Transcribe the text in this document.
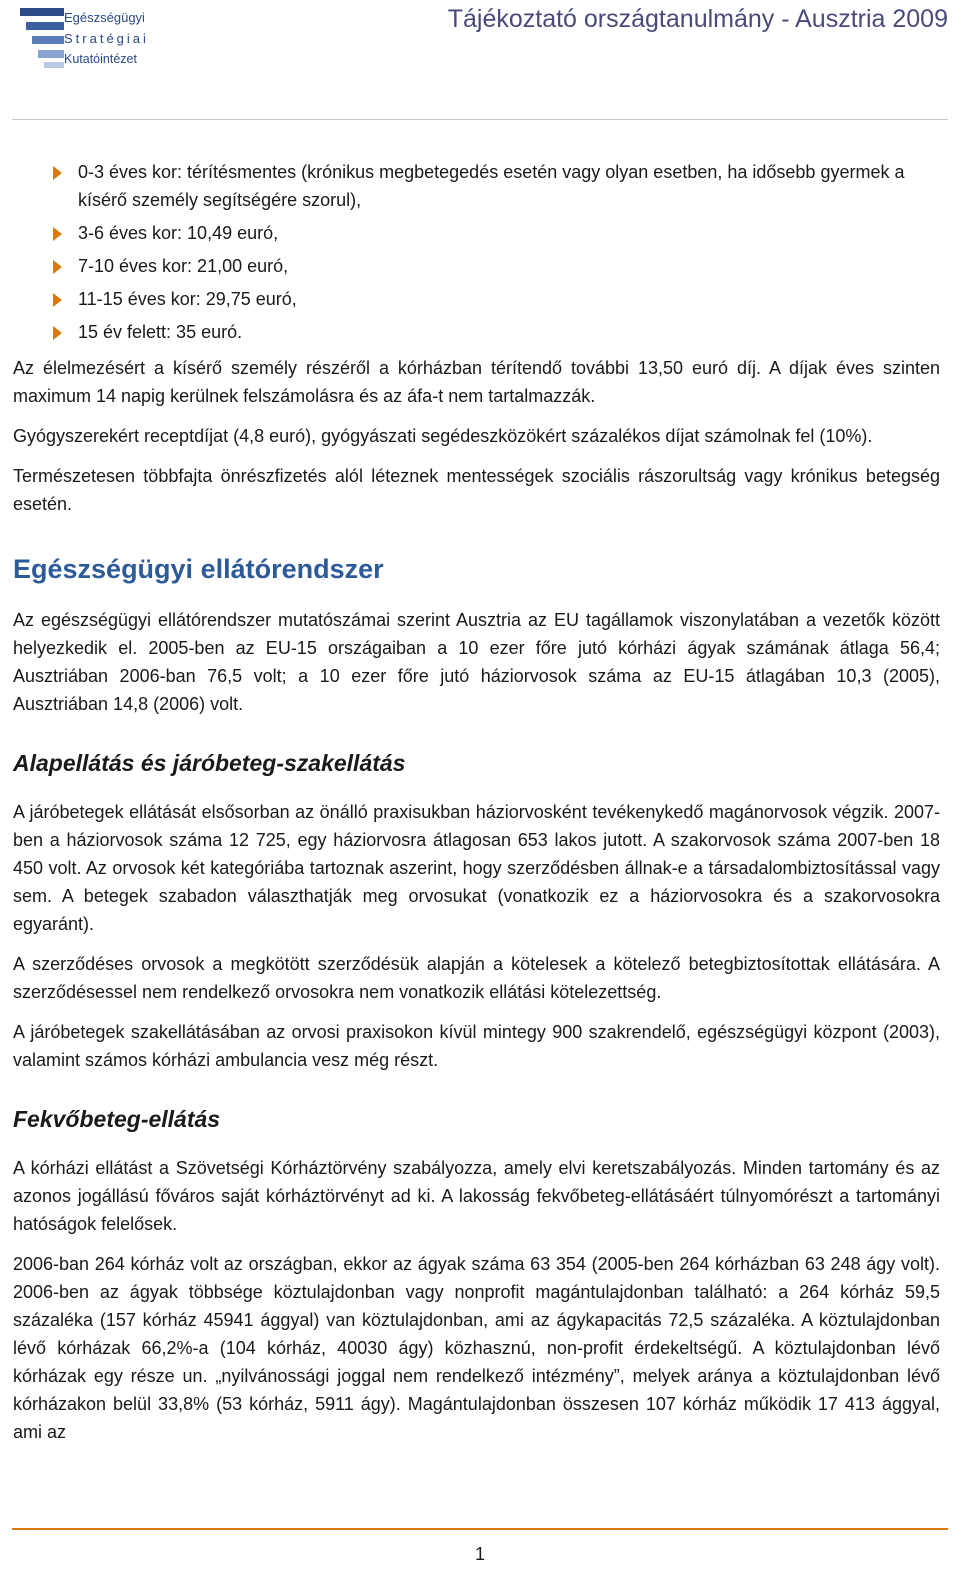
Egészségügyi
Stratégiai
Kutatóintézet
Tájékoztató országtanulmány - Ausztria 2009
0-3 éves kor: térítésmentes (krónikus megbetegedés esetén vagy olyan esetben, ha idősebb gyermek a kísérő személy segítségére szorul),
3-6 éves kor: 10,49 euró,
7-10 éves kor: 21,00 euró,
11-15 éves kor: 29,75 euró,
15 év felett: 35 euró.

Az élelmezésért a kísérő személy részéről a kórházban térítendő további 13,50 euró díj. A díjak éves szinten maximum 14 napig kerülnek felszámolásra és az áfa-t nem tartalmazzák.

Gyógyszerekért receptdíjat (4,8 euró), gyógyászati segédeszközökért százalékos díjat számolnak fel (10%).

Természetesen többfajta önrészfizetés alól léteznek mentességek szociális rászorultság vagy krónikus betegség esetén.

Egészségügyi ellátórendszer

Az egészségügyi ellátórendszer mutatószámai szerint Ausztria az EU tagállamok viszonylatában a vezetők között helyezkedik el. 2005-ben az EU-15 országaiban a 10 ezer főre jutó kórházi ágyak számának átlaga 56,4; Ausztriában 2006-ban 76,5 volt; a 10 ezer főre jutó háziorvosok száma az EU-15 átlagában 10,3 (2005), Ausztriában 14,8 (2006) volt.

Alapellátás és járóbeteg-szakellátás

A járóbetegek ellátását elsősorban az önálló praxisukban háziorvosként tevékenykedő magánorvosok végzik. 2007-ben a háziorvosok száma 12 725, egy háziorvosra átlagosan 653 lakos jutott. A szakorvosok száma 2007-ben 18 450 volt. Az orvosok két kategóriába tartoznak aszerint, hogy szerződésben állnak-e a társadalombiztosítással vagy sem. A betegek szabadon választhatják meg orvosukat (vonatkozik ez a háziorvosokra és a szakorvosokra egyaránt).

A szerződéses orvosok a megkötött szerződésük alapján a kötelesek a kötelező betegbiztosítottak ellátására. A szerződésessel nem rendelkező orvosokra nem vonatkozik ellátási kötelezettség.

A járóbetegek szakellátásában az orvosi praxisokon kívül mintegy 900 szakrendelő, egészségügyi központ (2003), valamint számos kórházi ambulancia vesz még részt.

Fekvőbeteg-ellátás

A kórházi ellátást a Szövetségi Kórháztörvény szabályozza, amely elvi keretszabályozás. Minden tartomány és az azonos jogállású főváros saját kórháztörvényt ad ki. A lakosság fekvőbeteg-ellátásáért túlnyomórészt a tartományi hatóságok felelősek.

2006-ban 264 kórház volt az országban, ekkor az ágyak száma 63 354 (2005-ben 264 kórházban 63 248 ágy volt). 2006-ben az ágyak többsége köztulajdonban vagy nonprofit magántulajdonban található: a 264 kórház 59,5 százaléka (157 kórház 45941 ággyal) van köztulajdonban, ami az ágykapacitás 72,5 százaléka. A köztulajdonban lévő kórházak 66,2%-a (104 kórház, 40030 ágy) közhasznú, non-profit érdekeltségű. A köztulajdonban lévő kórházak egy része un. „nyilvánossági joggal nem rendelkező intézmény”, melyek aránya a köztulajdonban lévő kórházakon belül 33,8% (53 kórház, 5911 ágy). Magántulajdonban összesen 107 kórház működik 17 413 ággyal, ami az

1
